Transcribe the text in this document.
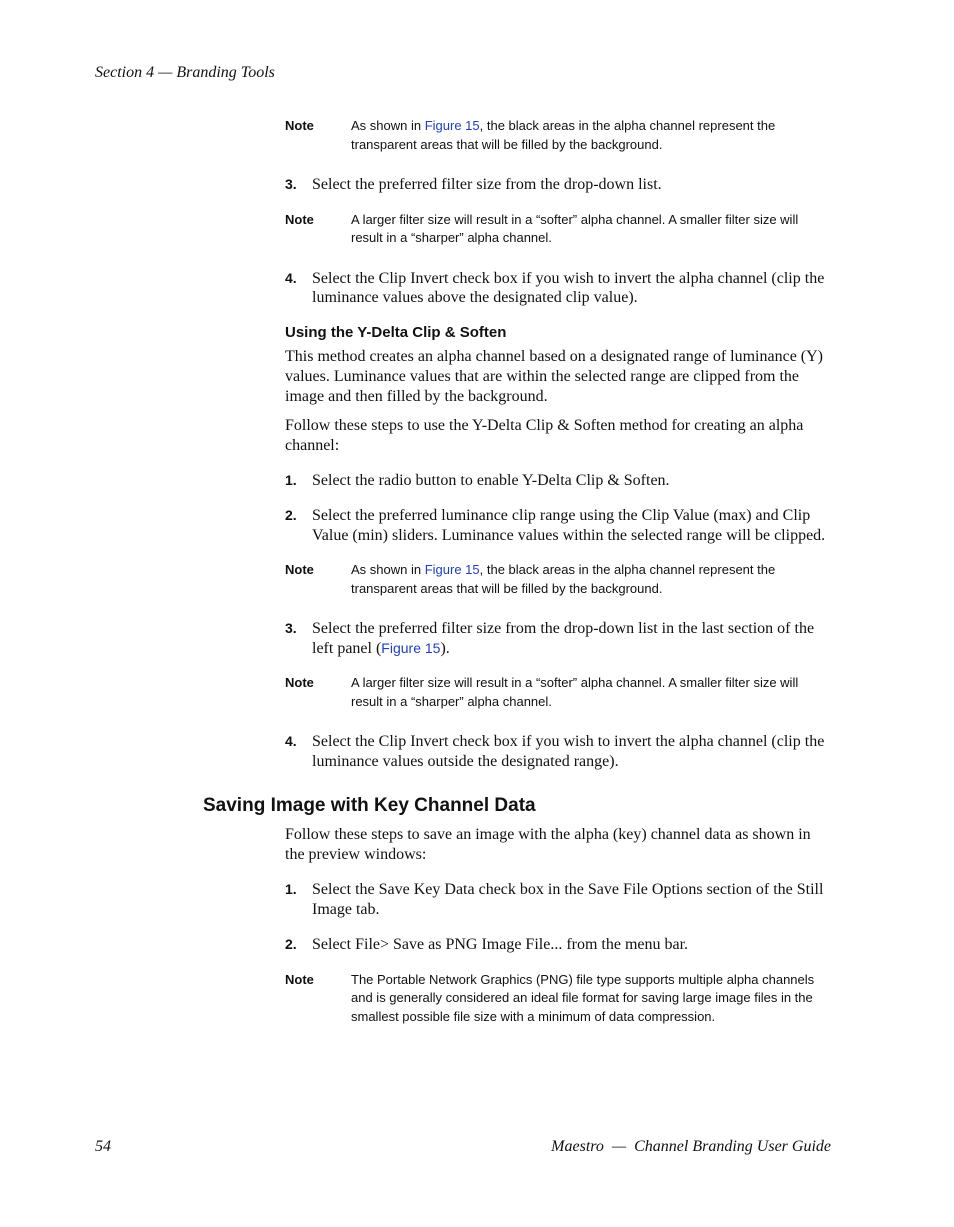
Section 4 — Branding Tools
Note	As shown in Figure 15, the black areas in the alpha channel represent the transparent areas that will be filled by the background.
3. Select the preferred filter size from the drop-down list.
Note	A larger filter size will result in a “softer” alpha channel. A smaller filter size will result in a “sharper” alpha channel.
4. Select the Clip Invert check box if you wish to invert the alpha channel (clip the luminance values above the designated clip value).
Using the Y-Delta Clip & Soften
This method creates an alpha channel based on a designated range of luminance (Y) values. Luminance values that are within the selected range are clipped from the image and then filled by the background.
Follow these steps to use the Y-Delta Clip & Soften method for creating an alpha channel:
1. Select the radio button to enable Y-Delta Clip & Soften.
2. Select the preferred luminance clip range using the Clip Value (max) and Clip Value (min) sliders. Luminance values within the selected range will be clipped.
Note	As shown in Figure 15, the black areas in the alpha channel represent the transparent areas that will be filled by the background.
3. Select the preferred filter size from the drop-down list in the last section of the left panel (Figure 15).
Note	A larger filter size will result in a “softer” alpha channel. A smaller filter size will result in a “sharper” alpha channel.
4. Select the Clip Invert check box if you wish to invert the alpha channel (clip the luminance values outside the designated range).
Saving Image with Key Channel Data
Follow these steps to save an image with the alpha (key) channel data as shown in the preview windows:
1. Select the Save Key Data check box in the Save File Options section of the Still Image tab.
2. Select File> Save as PNG Image File... from the menu bar.
Note	The Portable Network Graphics (PNG) file type supports multiple alpha channels and is generally considered an ideal file format for saving large image files in the smallest possible file size with a minimum of data compression.
54	Maestro  —  Channel Branding User Guide
